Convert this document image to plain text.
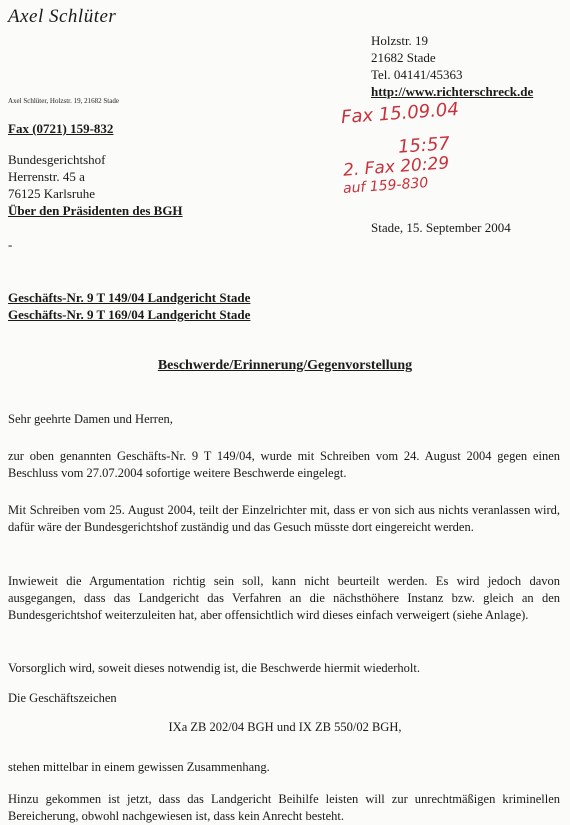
Axel Schlüter
Holzstr. 19
21682 Stade
Tel. 04141/45363
http://www.richterschreck.de
Axel Schlüter, Holzstr. 19, 21682 Stade
Fax (0721) 159-832
Fax 15.09.04
15:57
2. Fax 20:29
auf 159-830
Bundesgerichtshof
Herrenstr. 45 a
76125 Karlsruhe
Über den Präsidenten des BGH
Stade, 15. September 2004
-
Geschäfts-Nr. 9 T 149/04 Landgericht Stade
Geschäfts-Nr. 9 T 169/04 Landgericht Stade
Beschwerde/Erinnerung/Gegenvorstellung
Sehr geehrte Damen und Herren,
zur oben genannten Geschäfts-Nr. 9 T 149/04, wurde mit Schreiben vom 24. August 2004 gegen einen Beschluss vom 27.07.2004 sofortige weitere Beschwerde eingelegt.
Mit Schreiben vom 25. August 2004, teilt der Einzelrichter mit, dass er von sich aus nichts veranlassen wird, dafür wäre der Bundesgerichtshof zuständig und das Gesuch müsste dort eingereicht werden.
Inwieweit die Argumentation richtig sein soll, kann nicht beurteilt werden. Es wird jedoch davon ausgegangen, dass das Landgericht das Verfahren an die nächsthöhere Instanz bzw. gleich an den Bundesgerichtshof weiterzuleiten hat, aber offensichtlich wird dieses einfach verweigert (siehe Anlage).
Vorsorglich wird, soweit dieses notwendig ist, die Beschwerde hiermit wiederholt.
Die Geschäftszeichen
IXa ZB 202/04 BGH und IX ZB 550/02 BGH,
stehen mittelbar in einem gewissen Zusammenhang.
Hinzu gekommen ist jetzt, dass das Landgericht Beihilfe leisten will zur unrechtmäßigen kriminellen Bereicherung, obwohl nachgewiesen ist, dass kein Anrecht besteht.
